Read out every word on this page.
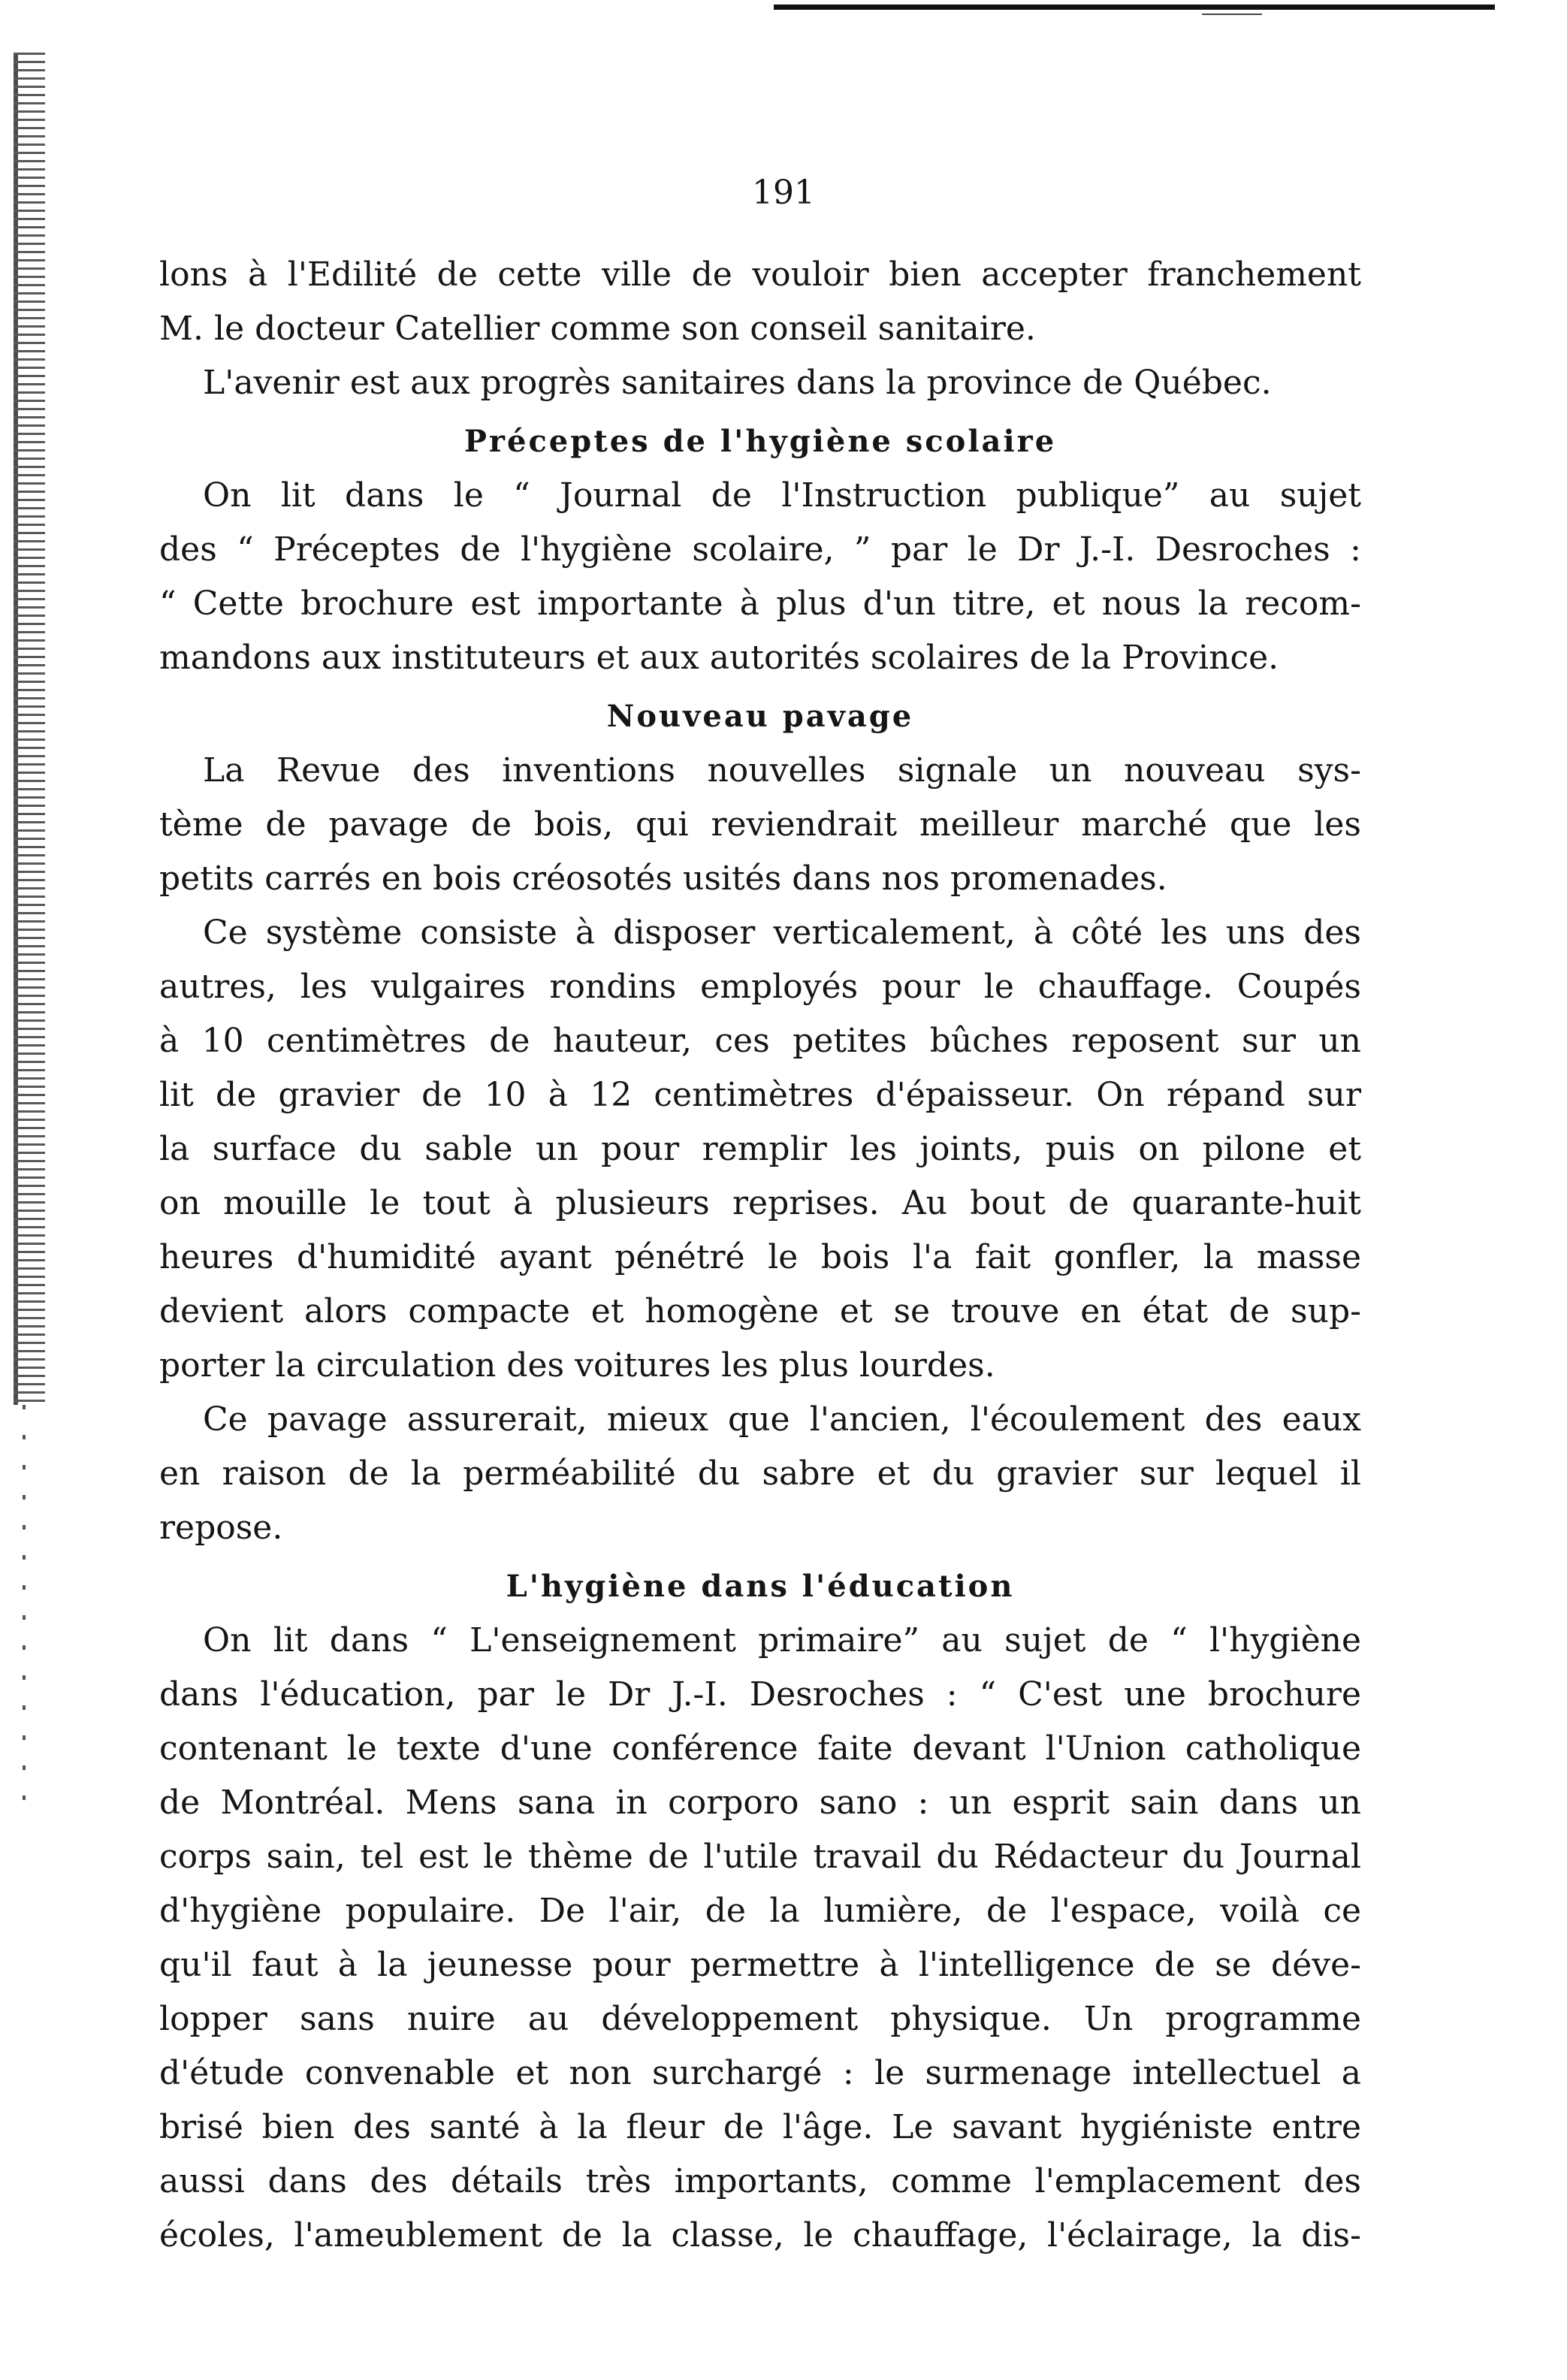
191
lons à l'Edilité de cette ville de vouloir bien accepter franchement
M. le docteur Catellier comme son conseil sanitaire.
L'avenir est aux progrès sanitaires dans la province de Québec.
Préceptes de l'hygiène scolaire
On lit dans le “ Journal de l'Instruction publique” au sujet
des “ Préceptes de l'hygiène scolaire, ” par le Dr J.-I. Desroches :
“ Cette brochure est importante à plus d'un titre, et nous la recom-
mandons aux instituteurs et aux autorités scolaires de la Province.
Nouveau pavage
La Revue des inventions nouvelles signale un nouveau sys-
tème de pavage de bois, qui reviendrait meilleur marché que les
petits carrés en bois créosotés usités dans nos promenades.
Ce système consiste à disposer verticalement, à côté les uns des
autres, les vulgaires rondins employés pour le chauffage. Coupés
à 10 centimètres de hauteur, ces petites bûches reposent sur un
lit de gravier de 10 à 12 centimètres d'épaisseur. On répand sur
la surface du sable un pour remplir les joints, puis on pilone et
on mouille le tout à plusieurs reprises. Au bout de quarante-huit
heures d'humidité ayant pénétré le bois l'a fait gonfler, la masse
devient alors compacte et homogène et se trouve en état de sup-
porter la circulation des voitures les plus lourdes.
Ce pavage assurerait, mieux que l'ancien, l'écoulement des eaux
en raison de la perméabilité du sabre et du gravier sur lequel il
repose.
L'hygiène dans l'éducation
On lit dans “ L'enseignement primaire” au sujet de “ l'hygiène
dans l'éducation, par le Dr J.-I. Desroches : “ C'est une brochure
contenant le texte d'une conférence faite devant l'Union catholique
de Montréal. Mens sana in corporo sano : un esprit sain dans un
corps sain, tel est le thème de l'utile travail du Rédacteur du Journal
d'hygiène populaire. De l'air, de la lumière, de l'espace, voilà ce
qu'il faut à la jeunesse pour permettre à l'intelligence de se déve-
lopper sans nuire au développement physique. Un programme
d'étude convenable et non surchargé : le surmenage intellectuel a
brisé bien des santé à la fleur de l'âge. Le savant hygiéniste entre
aussi dans des détails très importants, comme l'emplacement des
écoles, l'ameublement de la classe, le chauffage, l'éclairage, la dis-
